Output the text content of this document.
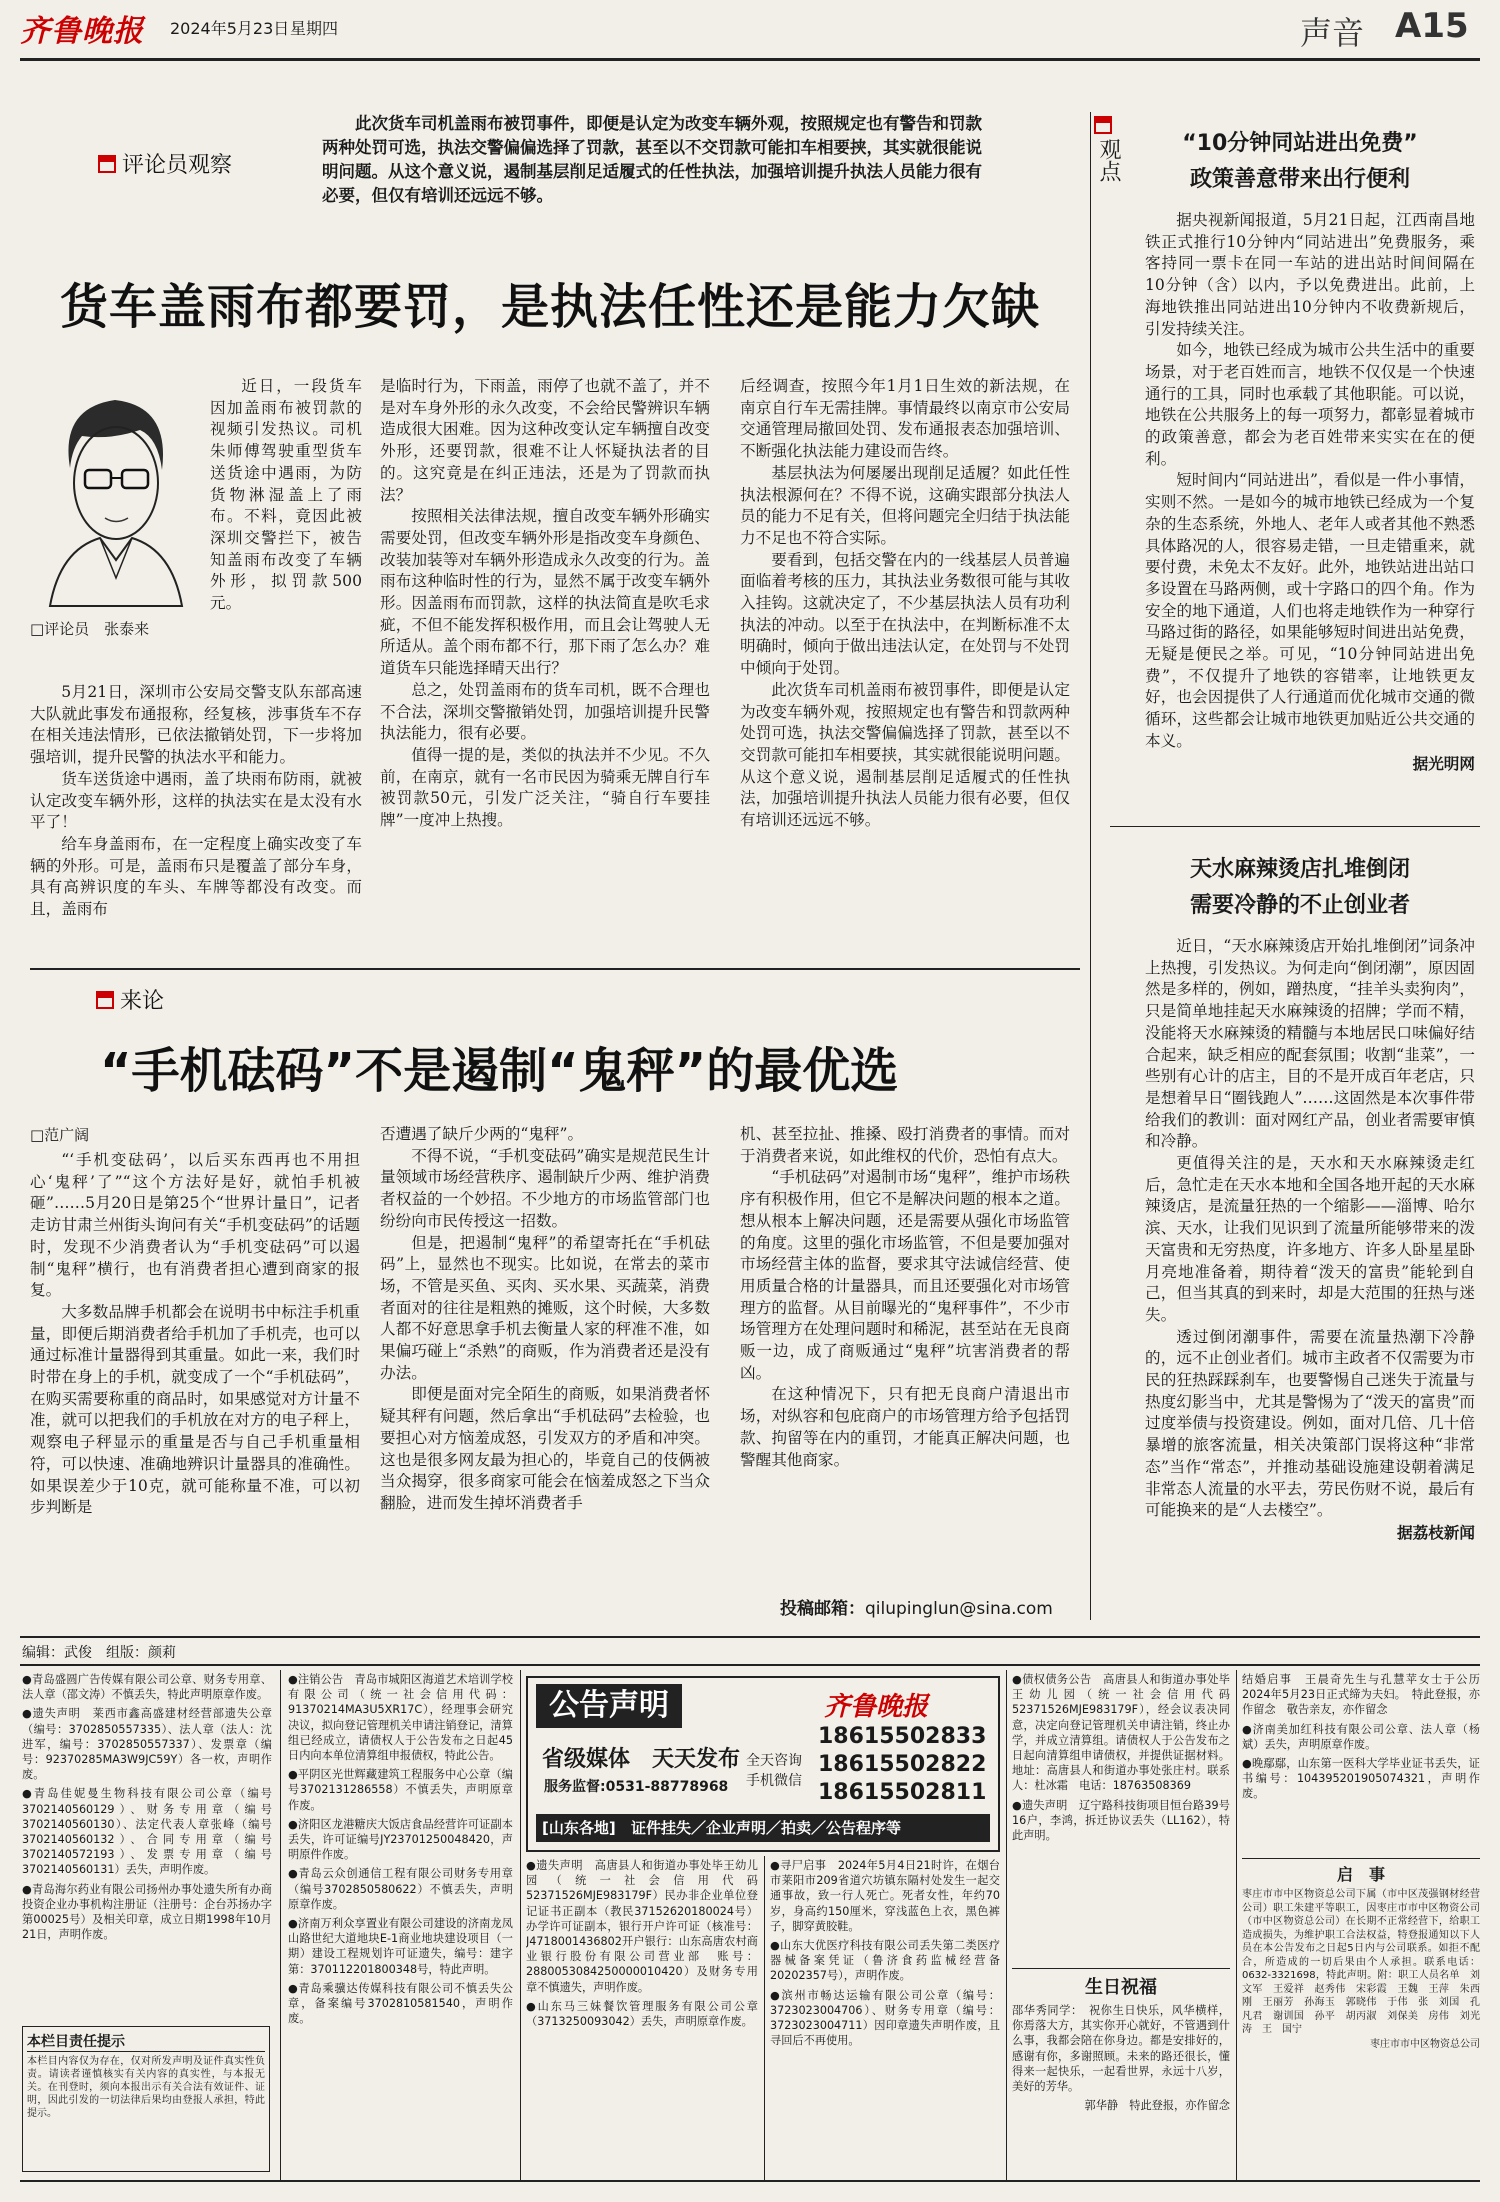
齐鲁晚报 2024年5月23日 星期四	声音 A15
评论员观察
此次货车司机盖雨布被罚事件，即便是认定为改变车辆外观，按照规定也有警告和罚款两种处罚可选，执法交警偏偏选择了罚款，甚至以不交罚款可能扣车相要挟，其实就很能说明问题。从这个意义说，遏制基层削足适履式的任性执法，加强培训提升执法人员能力很有必要，但仅有培训还远远不够。
货车盖雨布都要罚，是执法任性还是能力欠缺
□评论员　张泰来

近日，一段货车因加盖雨布被罚款的视频引发热议。司机朱师傅驾驶重型货车送货途中遇雨，为防货物淋湿盖上了雨布。不料，竟因此被深圳交警拦下，被告知盖雨布改变了车辆外形，拟罚款500元。

5月21日，深圳市公安局交警支队东部高速大队就此事发布通报称，经复核，涉事货车不存在相关违法情形，已依法撤销处罚，下一步将加强培训，提升民警的执法水平和能力。

货车送货途中遇雨，盖了块雨布防雨，就被认定改变车辆外形，这样的执法实在是太没有水平了！

给车身盖雨布，在一定程度上确实改变了车辆的外形。可是，盖雨布只是覆盖了部分车身，具有高辨识度的车头、车牌等都没有改变。而且，盖雨布

是临时行为，下雨盖，雨停了也就不盖了，并不是对车身外形的永久改变，不会给民警辨识车辆造成很大困难。因为这种改变认定车辆擅自改变外形，还要罚款，很难不让人怀疑执法者的目的。这究竟是在纠正违法，还是为了罚款而执法？

按照相关法律法规，擅自改变车辆外形确实需要处罚，但改变车辆外形是指改变车身颜色、改装加装等对车辆外形造成永久改变的行为。盖雨布这种临时性的行为，显然不属于改变车辆外形。因盖雨布而罚款，这样的执法简直是吹毛求疵，不但不能发挥积极作用，而且会让驾驶人无所适从。盖个雨布都不行，那下雨了怎么办？难道货车只能选择晴天出行？

总之，处罚盖雨布的货车司机，既不合理也不合法，深圳交警撤销处罚，加强培训提升民警执法能力，很有必要。

值得一提的是，类似的执法并不少见。不久前，在南京，就有一名市民因为骑乘无牌自行车被罚款50元，引发广泛关注，“骑自行车要挂牌”一度冲上热搜。

后经调查，按照今年1月1日生效的新法规，在南京自行车无需挂牌。事情最终以南京市公安局交通管理局撤回处罚、发布通报表态加强培训、不断强化执法能力建设而告终。

基层执法为何屡屡出现削足适履？如此任性执法根源何在？不得不说，这确实跟部分执法人员的能力不足有关，但将问题完全归结于执法能力不足也不符合实际。

要看到，包括交警在内的一线基层人员普遍面临着考核的压力，其执法业务数很可能与其收入挂钩。这就决定了，不少基层执法人员有功利执法的冲动。以至于在执法中，在判断标准不太明确时，倾向于做出违法认定，在处罚与不处罚中倾向于处罚。

此次货车司机盖雨布被罚事件，即便是认定为改变车辆外观，按照规定也有警告和罚款两种处罚可选，执法交警偏偏选择了罚款，甚至以不交罚款可能扣车相要挟，其实就很能说明问题。从这个意义说，遏制基层削足适履式的任性执法，加强培训提升执法人员能力很有必要，但仅有培训还远远不够。

来论
“手机砝码”不是遏制“鬼秤”的最优选
□范广阔

“‘手机变砝码’，以后买东西再也不用担心‘鬼秤’了”“这个方法好是好，就怕手机被砸”……5月20日是第25个“世界计量日”，记者走访甘肃兰州街头询问有关“手机变砝码”的话题时，发现不少消费者认为“手机变砝码”可以遏制“鬼秤”横行，也有消费者担心遭到商家的报复。

大多数品牌手机都会在说明书中标注手机重量，即便后期消费者给手机加了手机壳，也可以通过标准计量器得到其重量。如此一来，我们时时带在身上的手机，就变成了一个“手机砝码”，在购买需要称重的商品时，如果感觉对方计量不准，就可以把我们的手机放在对方的电子秤上，观察电子秤显示的重量是否与自己手机重量相符，可以快速、准确地辨识计量器具的准确性。如果误差少于10克，就可能称量不准，可以初步判断是

否遭遇了缺斤少两的“鬼秤”。

不得不说，“手机变砝码”确实是规范民生计量领域市场经营秩序、遏制缺斤少两、维护消费者权益的一个妙招。不少地方的市场监管部门也纷纷向市民传授这一招数。

但是，把遏制“鬼秤”的希望寄托在“手机砝码”上，显然也不现实。比如说，在常去的菜市场，不管是买鱼、买肉、买水果、买蔬菜，消费者面对的往往是粗熟的摊贩，这个时候，大多数人都不好意思拿手机去衡量人家的秤准不准，如果偏巧碰上“杀熟”的商贩，作为消费者还是没有办法。

即便是面对完全陌生的商贩，如果消费者怀疑其秤有问题，然后拿出“手机砝码”去检验，也要担心对方恼羞成怒，引发双方的矛盾和冲突。这也是很多网友最为担心的，毕竟自己的伎俩被当众揭穿，很多商家可能会在恼羞成怒之下当众翻脸，进而发生掉坏消费者手

机、甚至拉扯、推搡、殴打消费者的事情。而对于消费者来说，如此维权的代价，恐怕有点大。

“手机砝码”对遏制市场“鬼秤”，维护市场秩序有积极作用，但它不是解决问题的根本之道。想从根本上解决问题，还是需要从强化市场监管的角度。这里的强化市场监管，不但是要加强对市场经营主体的监督，要求其守法诚信经营、使用质量合格的计量器具，而且还要强化对市场管理方的监督。从目前曝光的“鬼秤事件”，不少市场管理方在处理问题时和稀泥，甚至站在无良商贩一边，成了商贩通过“鬼秤”坑害消费者的帮凶。

在这种情况下，只有把无良商户清退出市场，对纵容和包庇商户的市场管理方给予包括罚款、拘留等在内的重罚，才能真正解决问题，也警醒其他商家。

投稿邮箱：qilupinglun@sina.com
观点	“10分钟同站进出免费”
政策善意带来出行便利

据央视新闻报道，5月21日起，江西南昌地铁正式推行10分钟内“同站进出”免费服务，乘客持同一票卡在同一车站的进出站时间间隔在10分钟（含）以内，予以免费进出。此前，上海地铁推出同站进出10分钟内不收费新规后，引发持续关注。

如今，地铁已经成为城市公共生活中的重要场景，对于老百姓而言，地铁不仅仅是一个快速通行的工具，同时也承载了其他职能。可以说，地铁在公共服务上的每一项努力，都彰显着城市的政策善意，都会为老百姓带来实实在在的便利。

短时间内“同站进出”，看似是一件小事情，实则不然。一是如今的城市地铁已经成为一个复杂的生态系统，外地人、老年人或者其他不熟悉具体路况的人，很容易走错，一旦走错重来，就要付费，未免太不友好。此外，地铁站进出站口多设置在马路两侧，或十字路口的四个角。作为安全的地下通道，人们也将走地铁作为一种穿行马路过街的路径，如果能够短时间进出站免费，无疑是便民之举。可见，“10分钟同站进出免费”，不仅提升了地铁的容错率，让地铁更友好，也会因提供了人行通道而优化城市交通的微循环，这些都会让城市地铁更加贴近公共交通的本义。

据光明网

天水麻辣烫店扎堆倒闭
需要冷静的不止创业者

近日，“天水麻辣烫店开始扎堆倒闭”词条冲上热搜，引发热议。为何走向“倒闭潮”，原因固然是多样的，例如，蹭热度，“挂羊头卖狗肉”，只是简单地挂起天水麻辣烫的招牌；学而不精，没能将天水麻辣烫的精髓与本地居民口味偏好结合起来，缺乏相应的配套氛围；收割“韭菜”，一些别有心计的店主，目的不是开成百年老店，只是想着早日“圈钱跑人”……这固然是本次事件带给我们的教训：面对网红产品，创业者需要审慎和冷静。

更值得关注的是，天水和天水麻辣烫走红后，急忙走在天水本地和全国各地开起的天水麻辣烫店，是流量狂热的一个缩影——淄博、哈尔滨、天水，让我们见识到了流量所能够带来的泼天富贵和无穷热度，许多地方、许多人卧星星卧月亮地准备着，期待着“泼天的富贵”能轮到自己，但当其真的到来时，却是大范围的狂热与迷失。

透过倒闭潮事件，需要在流量热潮下冷静的，远不止创业者们。城市主政者不仅需要为市民的狂热踩踩刹车，也要警惕自己迷失于流量与热度幻影当中，尤其是警惕为了“泼天的富贵”而过度举债与投资建设。例如，面对几倍、几十倍暴增的旅客流量，相关决策部门误将这种“非常态”当作“常态”，并推动基础设施建设朝着满足非常态人流量的水平去，劳民伤财不说，最后有可能换来的是“人去楼空”。

据荔枝新闻

编辑：武俊　组版：颜莉

●青岛盛圆广告传媒有限公司公章、财务专用章、法人章（邵文涛）不慎丢失，特此声明原章作废。

●遗失声明　莱西市鑫高盛建材经营部遗失公章（编号：3702850557335）、法人章（法人：沈进军，编号：3702850557337）、发票章（编号：92370285MA3W9JC59Y）各一枚，声明作废。

●青岛佳妮曼生物科技有限公司公章（编号3702140560129）、财务专用章（编号3702140560130）、法定代表人章张峰（编号3702140560132）、合同专用章（编号3702140572193）、发票专用章（编号3702140560131）丢失，声明作废。

●青岛海尔药业有限公司扬州办事处遗失所有办商投资企业办事机构注册证（注册号：企台苏扬办字第00025号）及相关印章，成立日期1998年10月21日，声明作废。

本栏目责任提示

本栏目内容仅为存在，仅对所发声明及证件真实性负责。请读者谨慎核实有关内容的真实性，与本报无关。在刊登时，须向本报出示有关合法有效证件、证明，因此引发的一切法律后果均由登报人承担，特此提示。

●注销公告　青岛市城阳区海道艺术培训学校有限公司（统一社会信用代码：91370214MA3U5XR17C），经理事会研究决议，拟向登记管理机关申请注销登记，清算组已经成立，请债权人于公告发布之日起45日内向本单位清算组申报债权，特此公告。

●平阴区光世辉藏建筑工程服务中心公章（编号3702131286558）不慎丢失，声明原章作废。

●济阳区龙港糖庆大饭店食品经营许可证副本丢失，许可证编号JY23701250048420，声明原件作废。

●青岛云众创通信工程有限公司财务专用章（编号3702850580622）不慎丢失，声明原章作废。

●济南万利众享置业有限公司建设的济南龙凤山路世纪大道地块E-1商业地块建设项目（一期）建设工程规划许可证遗失，编号：建字第：370112201800348号，特此声明。

●青岛乘骥达传媒科技有限公司不慎丢失公章，备案编号3702810581540，声明作废。

公告声明
省级媒体　天天发布
服务监督:0531-88778968
齐鲁晚报
全天咨询
手机微信
18615502833
18615502822
18615502811
[山东各地] 证件挂失／企业声明／拍卖／公告程序等

●遗失声明　高唐县人和街道办事处毕王幼儿园（统一社会信用代码52371526MJE983179F）民办非企业单位登记证书正副本（教民37152620180024号）办学许可证副本，银行开户许可证（核准号：J4718001436802开户银行：山东高唐农村商业银行股份有限公司营业部　账号：2880053084250000010420）及财务专用章不慎遗失，声明作废。

●山东马三妹餐饮管理服务有限公司公章（3713250093042）丢失，声明原章作废。

●寻尸启事　2024年5月4日21时许，在烟台市莱阳市209省道穴坊镇东隔村处发生一起交通事故，致一行人死亡。死者女性，年约70岁，身高约150厘米，穿浅蓝色上衣，黑色裤子，脚穿黄胶鞋。

●山东大优医疗科技有限公司丢失第二类医疗器械备案凭证（鲁济食药监械经营备20202357号），声明作废。

●滨州市畅达运输有限公司公章（编号：3723023004706）、财务专用章（编号：3723023004711）因印章遗失声明作废，且寻回后不再使用。

●债权债务公告　高唐县人和街道办事处毕王幼儿园（统一社会信用代码52371526MJE983179F），经会议表决同意，决定向登记管理机关申请注销，终止办学，并成立清算组。请债权人于公告发布之日起向清算组申请债权，并提供证据材料。地址：高唐县人和街道办事处张庄村。联系人：杜冰霜　电话：18763508369

●遗失声明　辽宁路科技街项目恒台路39号16户，李鸿，拆迁协议丢失（LL162），特此声明。

生日祝福

邵华秀同学：　祝你生日快乐，风华横样，你焉落大方，其实你开心就好，不管遇到什么事，我都会陪在你身边。都是安排好的，感谢有你，多谢照顾。未来的路还很长，懂得来一起快乐，一起看世界，永远十八岁，美好的芳华。

郭华静　特此登报，亦作留念

结婚启事　王晨奇先生与孔慧苹女士于公历2024年5月23日正式缔为夫妇。　特此登报，亦作留念　敬告亲友，亦作留念

●济南美加红科技有限公司公章、法人章（杨斌）丢失，声明原章作废。

●晚鄢鄢，山东第一医科大学毕业证书丢失，证书编号：104395201905074321，声明作废。

启　事

枣庄市市中区物资总公司下属（市中区茂强钢材经营公司）职工朱建平等职工，因枣庄市市中区物资公司（市中区物资总公司）在长期不正常经营下，给职工造成损失，为维护职工合法权益，特登报通知以下人员在本公告发布之日起5日内与公司联系。如拒不配合，所造成的一切后果由个人承担。联系电话：0632-3321698，特此声明。附：职工人员名单　刘文军　王爱祥　赵秀伟　宋彩霞　王魏　王萍　朱西刚　王丽芳　孙海玉　郭晓伟　于伟　张　刘国　孔凡君　谢训国　孙平　胡丙淑　刘保美　房伟　刘光涛　王　国宁

枣庄市市中区物资总公司
